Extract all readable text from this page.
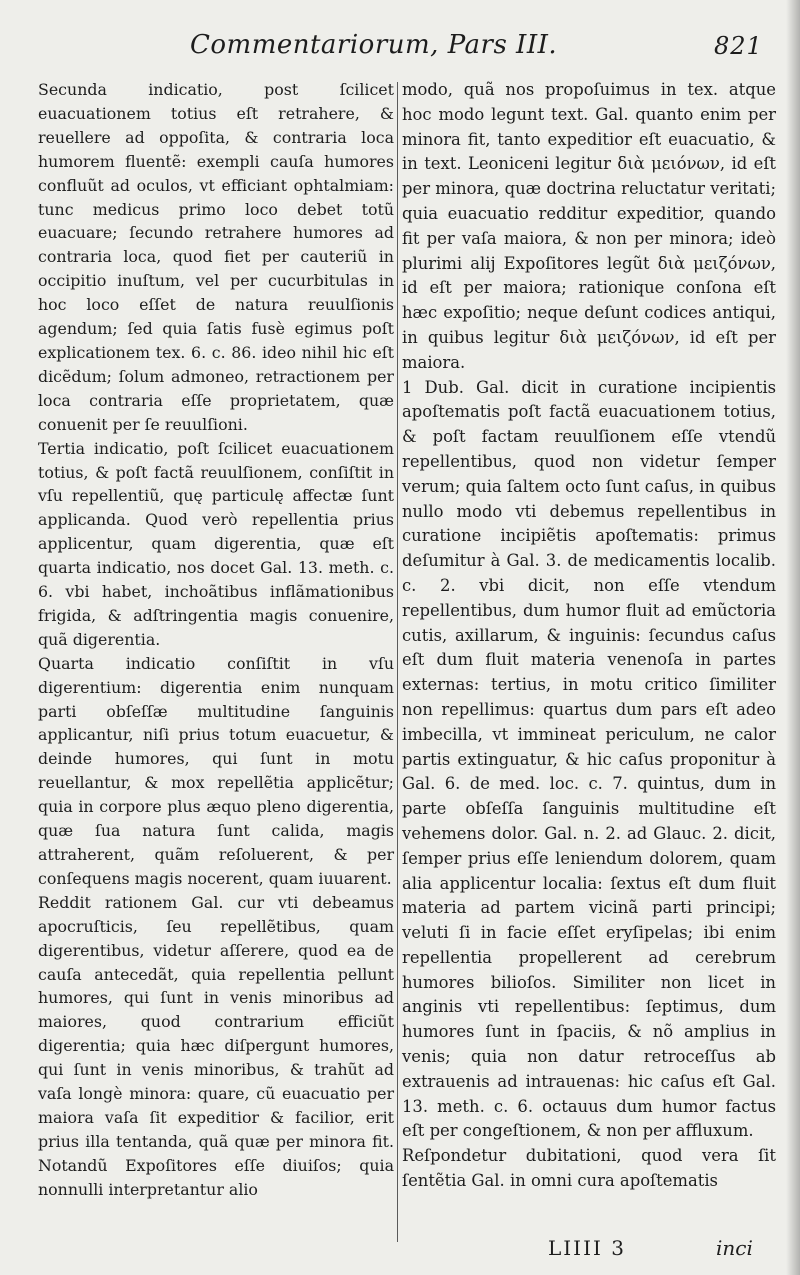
Commentariorum, Pars III.	821

Secunda indicatio, post ſcilicet euacuationem totius eſt retrahere, & reuellere ad oppoſita, & contraria loca humorem fluentẽ: exempli cauſa humores confluũt ad oculos, vt efficiant ophtalmiam: tunc medicus primo loco debet totũ euacuare; ſecundo retrahere humores ad contraria loca, quod fiet per cauteriũ in occipitio inuſtum, vel per cucurbitulas in hoc loco eſſet de natura reuulſionis agendum; ſed quia ſatis fusè egimus poſt explicationem tex. 6. c. 86. ideo nihil hic eſt dicẽdum; ſolum admoneo, retractionem per loca contraria eſſe proprietatem, quæ conuenit per ſe reuulſioni.

Tertia indicatio, poſt ſcilicet euacuationem totius, & poſt factã reuulſionem, conſiſtit in vſu repellentiũ, quę particulę affectæ ſunt applicanda. Quod verò repellentia prius applicentur, quam digerentia, quæ eſt quarta indicatio, nos docet Gal. 13. meth. c. 6. vbi habet, inchoãtibus inflãmationibus frigida, & adſtringentia magis conuenire, quã digerentia.

Quarta indicatio conſiſtit in vſu digerentium: digerentia enim nunquam parti obſeſſæ multitudine ſanguinis applicantur, niſi prius totum euacuetur, & deinde humores, qui ſunt in motu reuellantur, & mox repellẽtia applicẽtur; quia in corpore plus æquo pleno digerentia, quæ ſua natura ſunt calida, magis attraherent, quãm reſoluerent, & per conſequens magis nocerent, quam iuuarent.

Reddit rationem Gal. cur vti debeamus apocruſticis, ſeu repellẽtibus, quam digerentibus, videtur aſſerere, quod ea de cauſa antecedãt, quia repellentia pellunt humores, qui ſunt in venis minoribus ad maiores, quod contrarium efficiũt digerentia; quia hæc diſpergunt humores, qui ſunt in venis minoribus, & trahũt ad vaſa longè minora: quare, cũ euacuatio per maiora vaſa ſit expeditior & facilior, erit prius illa tentanda, quã quæ per minora fit. Notandũ Expoſitores eſſe diuiſos; quia nonnulli interpretantur alio

modo, quã nos propoſuimus in tex. atque hoc modo legunt text. Gal. quanto enim per minora fit, tanto expeditior eſt euacuatio, & in text. Leoniceni legitur διὰ μειόνων, id eſt per minora, quæ doctrina reluctatur veritati; quia euacuatio redditur expeditior, quando fit per vaſa maiora, & non per minora; ideò plurimi alij Expoſitores legũt διὰ μειζόνων, id eſt per maiora; rationique conſona eſt hæc expoſitio; neque deſunt codices antiqui, in quibus legitur διὰ μειζόνων, id eſt per maiora.

1 Dub. Gal. dicit in curatione incipientis apoſtematis poſt factã euacuationem totius, & poſt factam reuulſionem eſſe vtendũ repellentibus, quod non videtur ſemper verum; quia ſaltem octo ſunt caſus, in quibus nullo modo vti debemus repellentibus in curatione incipiẽtis apoſtematis: primus deſumitur à Gal. 3. de medicamentis localib. c. 2. vbi dicit, non eſſe vtendum repellentibus, dum humor fluit ad emũctoria cutis, axillarum, & inguinis: ſecundus caſus eſt dum fluit materia venenoſa in partes externas: tertius, in motu critico ſimiliter non repellimus: quartus dum pars eſt adeo imbecilla, vt immineat periculum, ne calor partis extinguatur, & hic caſus proponitur à Gal. 6. de med. loc. c. 7. quintus, dum in parte obſeſſa ſanguinis multitudine eſt vehemens dolor. Gal. n. 2. ad Glauc. 2. dicit, ſemper prius eſſe leniendum dolorem, quam alia applicentur localia: ſextus eſt dum fluit materia ad partem vicinã parti principi; veluti ſi in facie eſſet eryſipelas; ibi enim repellentia propellerent ad cerebrum humores bilioſos. Similiter non licet in anginis vti repellentibus: ſeptimus, dum humores ſunt in ſpaciis, & nõ amplius in venis; quia non datur retroceſſus ab extrauenis ad intrauenas: hic caſus eſt Gal. 13. meth. c. 6. octauus dum humor factus eſt per congeſtionem, & non per affluxum.

Reſpondetur dubitationi, quod vera ſit ſentẽtia Gal. in omni cura apoſtematis

LIIII 3	inci
